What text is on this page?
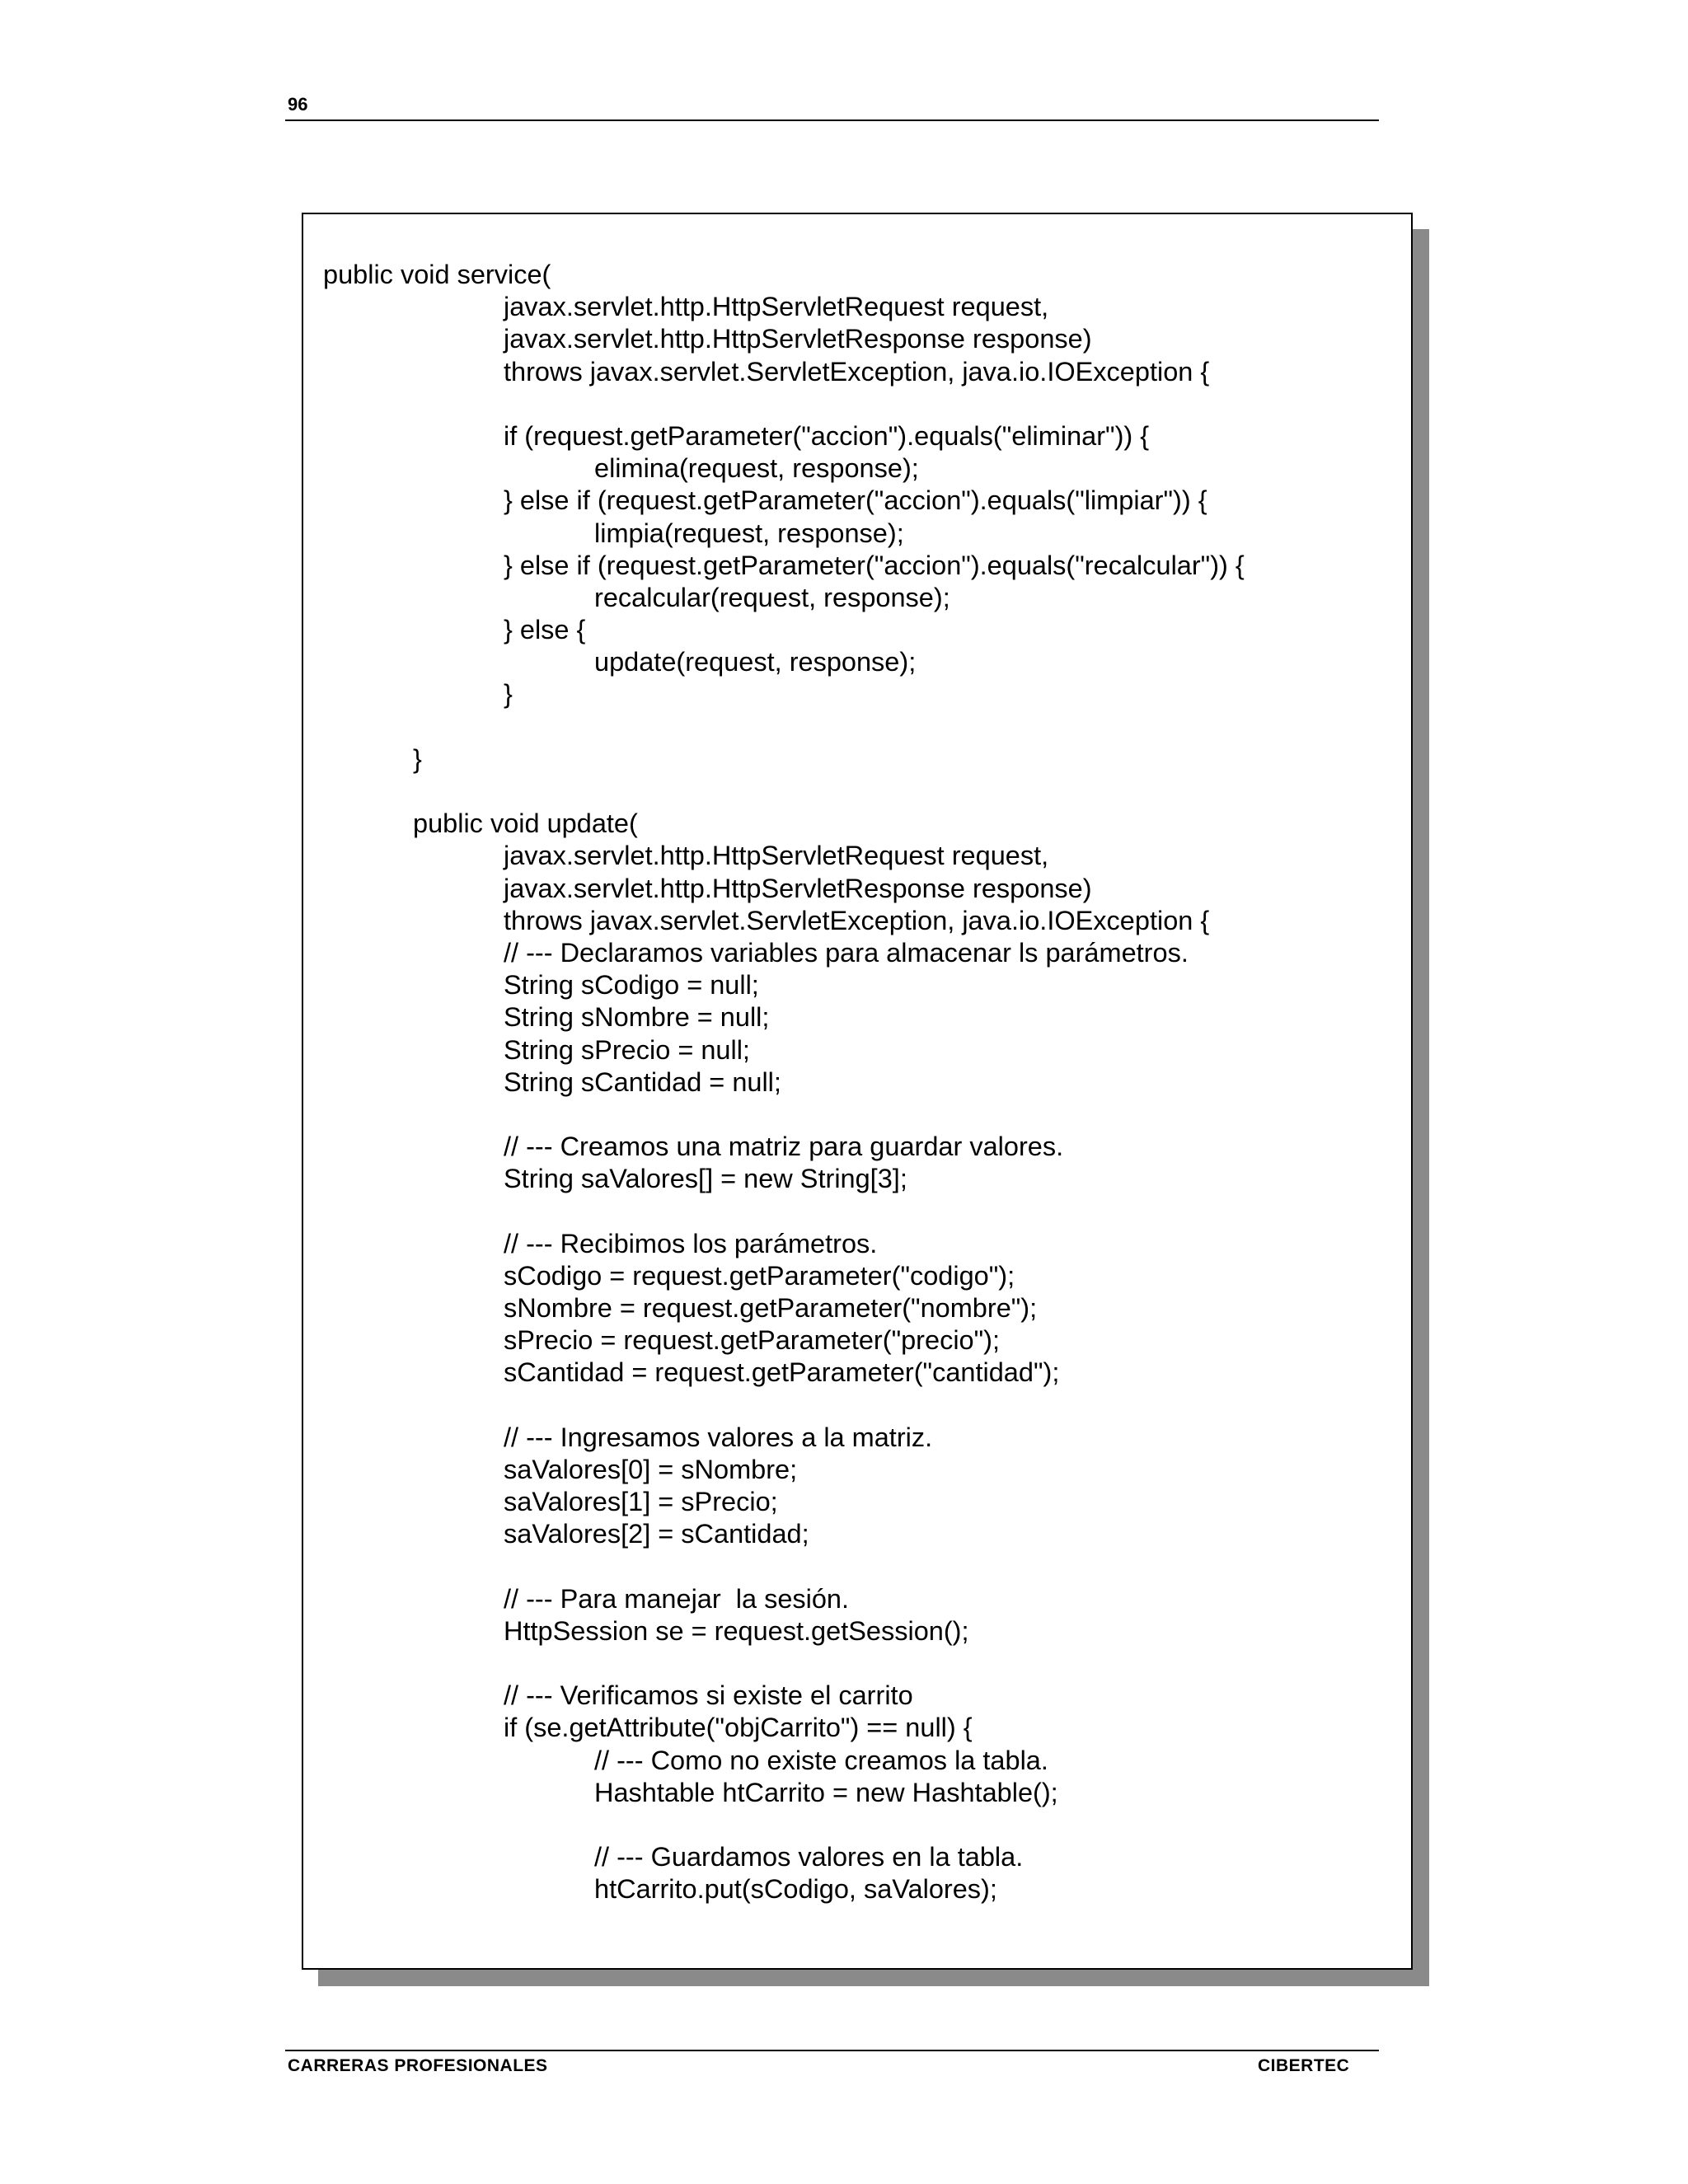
96
public void service(
javax.servlet.http.HttpServletRequest request,
javax.servlet.http.HttpServletResponse response)
throws javax.servlet.ServletException, java.io.IOException {
if (request.getParameter("accion").equals("eliminar")) {
elimina(request, response);
} else if (request.getParameter("accion").equals("limpiar")) {
limpia(request, response);
} else if (request.getParameter("accion").equals("recalcular")) {
recalcular(request, response);
} else {
update(request, response);
}
}
public void update(
javax.servlet.http.HttpServletRequest request,
javax.servlet.http.HttpServletResponse response)
throws javax.servlet.ServletException, java.io.IOException {
// --- Declaramos variables para almacenar ls parámetros.
String sCodigo = null;
String sNombre = null;
String sPrecio = null;
String sCantidad = null;
// --- Creamos una matriz para guardar valores.
String saValores[] = new String[3];
// --- Recibimos los parámetros.
sCodigo = request.getParameter("codigo");
sNombre = request.getParameter("nombre");
sPrecio = request.getParameter("precio");
sCantidad = request.getParameter("cantidad");
// --- Ingresamos valores a la matriz.
saValores[0] = sNombre;
saValores[1] = sPrecio;
saValores[2] = sCantidad;
// --- Para manejar  la sesión.
HttpSession se = request.getSession();
// --- Verificamos si existe el carrito
if (se.getAttribute("objCarrito") == null) {
// --- Como no existe creamos la tabla.
Hashtable htCarrito = new Hashtable();
// --- Guardamos valores en la tabla.
htCarrito.put(sCodigo, saValores);
CARRERAS PROFESIONALES	CIBERTEC
